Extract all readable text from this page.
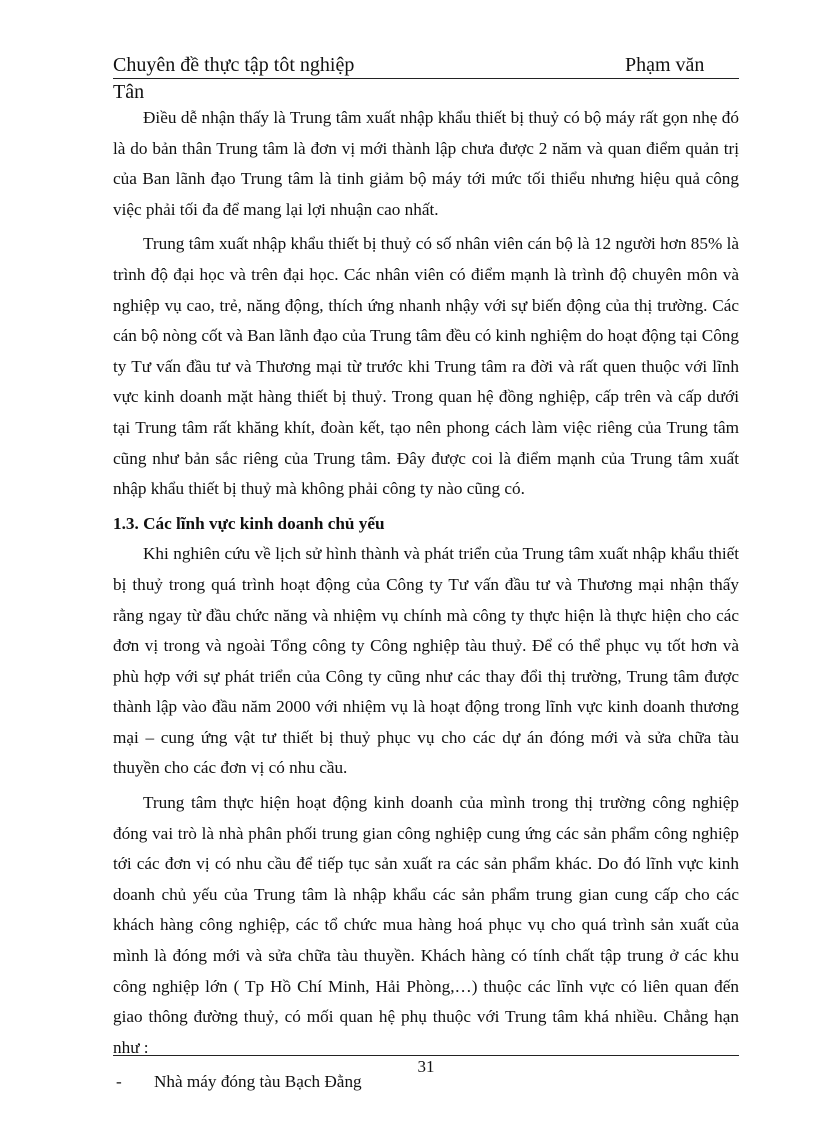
Chuyên đề thực tập tôt nghiệp	Phạm văn
Tân

Điều dễ nhận thấy là Trung tâm xuất nhập khẩu thiết bị thuỷ có bộ máy rất gọn nhẹ đó là do bản thân Trung tâm là đơn vị mới thành lập chưa được 2 năm và quan điểm quản trị của Ban lãnh đạo Trung tâm là tinh giảm bộ máy tới mức tối thiểu nhưng hiệu quả công việc phải tối đa để mang lại lợi nhuận cao nhất.

Trung tâm xuất nhập khẩu thiết bị thuỷ có số nhân viên cán bộ là 12 người hơn 85% là trình độ đại học và trên đại học. Các nhân viên có điểm mạnh là trình độ chuyên môn và nghiệp vụ cao, trẻ, năng động, thích ứng nhanh nhậy với sự biến động của thị trường. Các cán bộ nòng cốt và Ban lãnh đạo của Trung tâm đều có kinh nghiệm do hoạt động tại Công ty Tư vấn đầu tư và Thương mại từ trước khi Trung tâm ra đời và rất quen thuộc với lĩnh vực kinh doanh mặt hàng thiết bị thuỷ. Trong quan hệ đồng nghiệp, cấp trên và cấp dưới tại Trung tâm rất khăng khít, đoàn kết, tạo nên phong cách làm việc riêng của Trung tâm cũng như bản sắc riêng của Trung tâm. Đây được coi là điểm mạnh của Trung tâm xuất nhập khẩu thiết bị thuỷ mà không phải công ty nào cũng có.

1.3. Các lĩnh vực kinh doanh chủ yếu

Khi nghiên cứu về lịch sử hình thành và phát triển của Trung tâm xuất nhập khẩu thiết bị thuỷ trong quá trình hoạt động của Công ty Tư vấn đầu tư và Thương mại nhận thấy rằng ngay từ đầu chức năng và nhiệm vụ chính mà công ty thực hiện là thực hiện cho các đơn vị trong và ngoài Tổng công ty Công nghiệp tàu thuỷ. Để có thể phục vụ tốt hơn và phù hợp với sự phát triển của Công ty cũng như các thay đổi thị trường, Trung tâm được thành lập vào đầu năm 2000 với nhiệm vụ là hoạt động trong lĩnh vực kinh doanh thương mại – cung ứng vật tư thiết bị thuỷ phục vụ cho các dự án đóng mới và sửa chữa tàu thuyền cho các đơn vị có nhu cầu.

Trung tâm thực hiện hoạt động kinh doanh của mình trong thị trường công nghiệp đóng vai trò là nhà phân phối trung gian công nghiệp cung ứng các sản phẩm công nghiệp tới các đơn vị có nhu cầu để tiếp tục sản xuất ra các sản phẩm khác. Do đó lĩnh vực kinh doanh chủ yếu của Trung tâm là nhập khẩu các sản phẩm trung gian cung cấp cho các khách hàng công nghiệp, các tổ chức mua hàng hoá phục vụ cho quá trình sản xuất của mình là đóng mới và sửa chữa tàu thuyền. Khách hàng có tính chất tập trung ở các khu công nghiệp lớn ( Tp Hồ Chí Minh, Hải Phòng,…) thuộc các lĩnh vực có liên quan đến giao thông đường thuỷ, có mối quan hệ phụ thuộc với Trung tâm khá nhiều. Chẳng hạn như :

- Nhà máy đóng tàu Bạch Đằng
31
